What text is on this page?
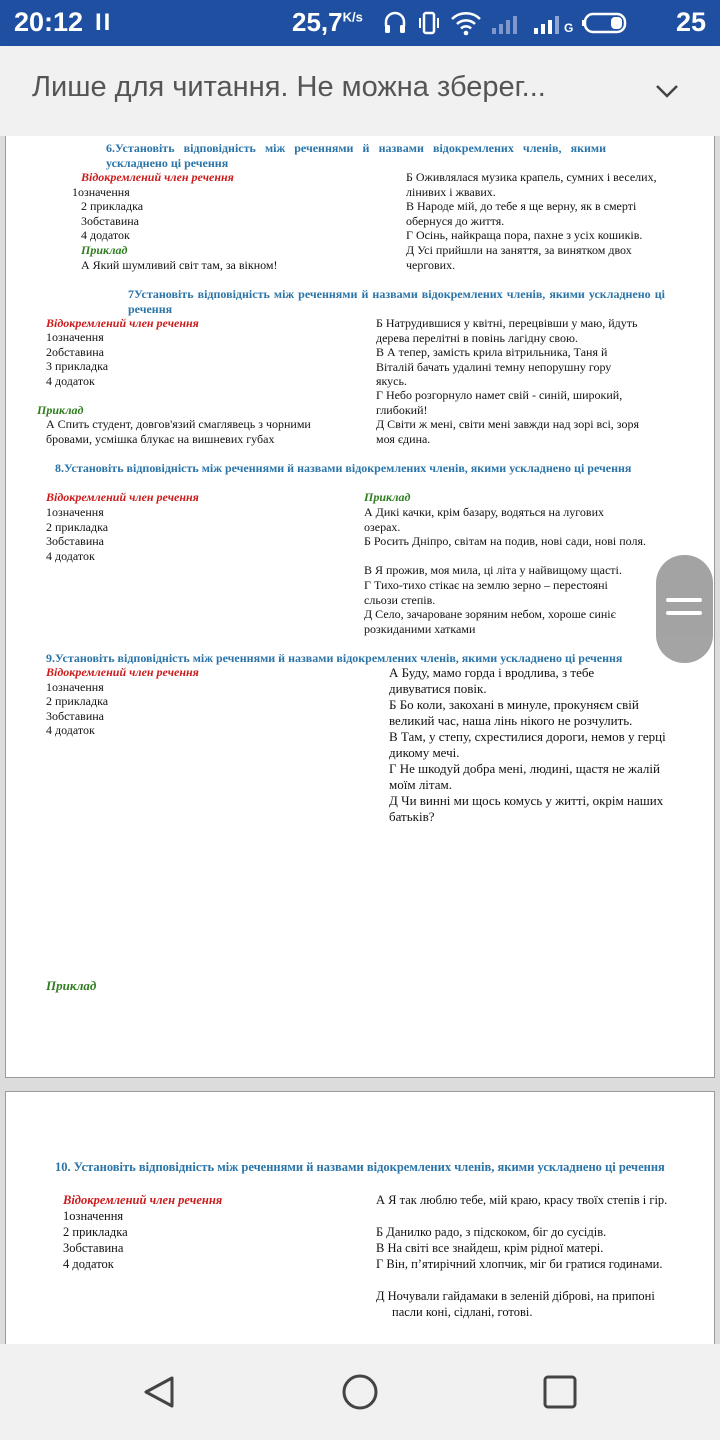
20:12 II	$25,7^{K/s}$
G	25
Лише для читання. Не можна зберег...
6.Установіть відповідність між реченнями й назвами відокремлених членів, якими ускладнено ці речення
Відокремлений член речення
1означення
2 прикладка
3обставина
4 додаток
Приклад
А Який шумливий світ там, за вікном!
Б Оживлялася музика крапель, сумних і веселих, лінивих і жвавих.
В Народе мій, до тебе я ще верну, як в смерті обернуся до життя.
Г Осінь, найкраща пора, пахне з усіх кошиків.
Д Усі прийшли на заняття, за винятком двох чергових.
7Установіть відповідність між реченнями й назвами відокремлених членів, якими ускладнено ці речення
Відокремлений член речення
1означення
2обставина
3 прикладка
4 додаток
Приклад
А Спить студент, довгов'язий смаглявець з чорними бровами, усмішка блукає на вишневих губах
Б Натрудившися у квітні, перецвівши у маю, йдуть дерева перелітні в повінь лагідну свою.
В А тепер, замість крила вітрильника, Таня й Віталій бачать удалині темну непорушну гору якусь.
Г Небо розгорнуло намет свій - синій, широкий, глибокий!
Д Світи ж мені, світи мені завжди над зорі всі, зоря моя єдина.
8.Установіть відповідність між реченнями й назвами відокремлених членів, якими ускладнено ці речення
Відокремлений член речення
1означення
2 прикладка
3обставина
4 додаток
Приклад
А Дикі качки, крім базару, водяться на лугових озерах.
Б Росить Дніпро, світам на подив, нові сади, нові поля.
В Я прожив, моя мила, ці літа у найвищому щасті.
Г Тихо-тихо стікає на землю зерно – перестояні сльози степів.
Д Село, зачароване зоряним небом, хороше синіє розкиданими хатками
9.Установіть відповідність між реченнями й назвами відокремлених членів, якими ускладнено ці речення
Відокремлений член речення
1означення
2 прикладка
3обставина
4 додаток
А Буду, мамо горда і вродлива, з тебе дивуватися повік.
Б Бо коли, закохані в минуле, прокуняєм свій великий час, наша лінь нікого не розчулить.
В Там, у степу, схрестилися дороги, немов у герці дикому мечі.
Г Не шкодуй добра мені, людині, щастя не жалій моїм літам.
Д Чи винні ми щось комусь у житті, окрім наших батьків?
Приклад
10. Установіть відповідність між реченнями й назвами відокремлених членів, якими ускладнено ці речення
Відокремлений член речення
1означення
2 прикладка
3обставина
4 додаток
А Я так люблю тебе, мій краю, красу твоїх степів і гір.
Б Данилко радо, з підскоком, біг до сусідів.
В На світі все знайдеш, крім рідної матері.
Г Він, п’ятирічний хлопчик, міг би гратися годинами.
Д Ночували гайдамаки в зеленій діброві, на припоні пасли коні, сідлані, готові.
